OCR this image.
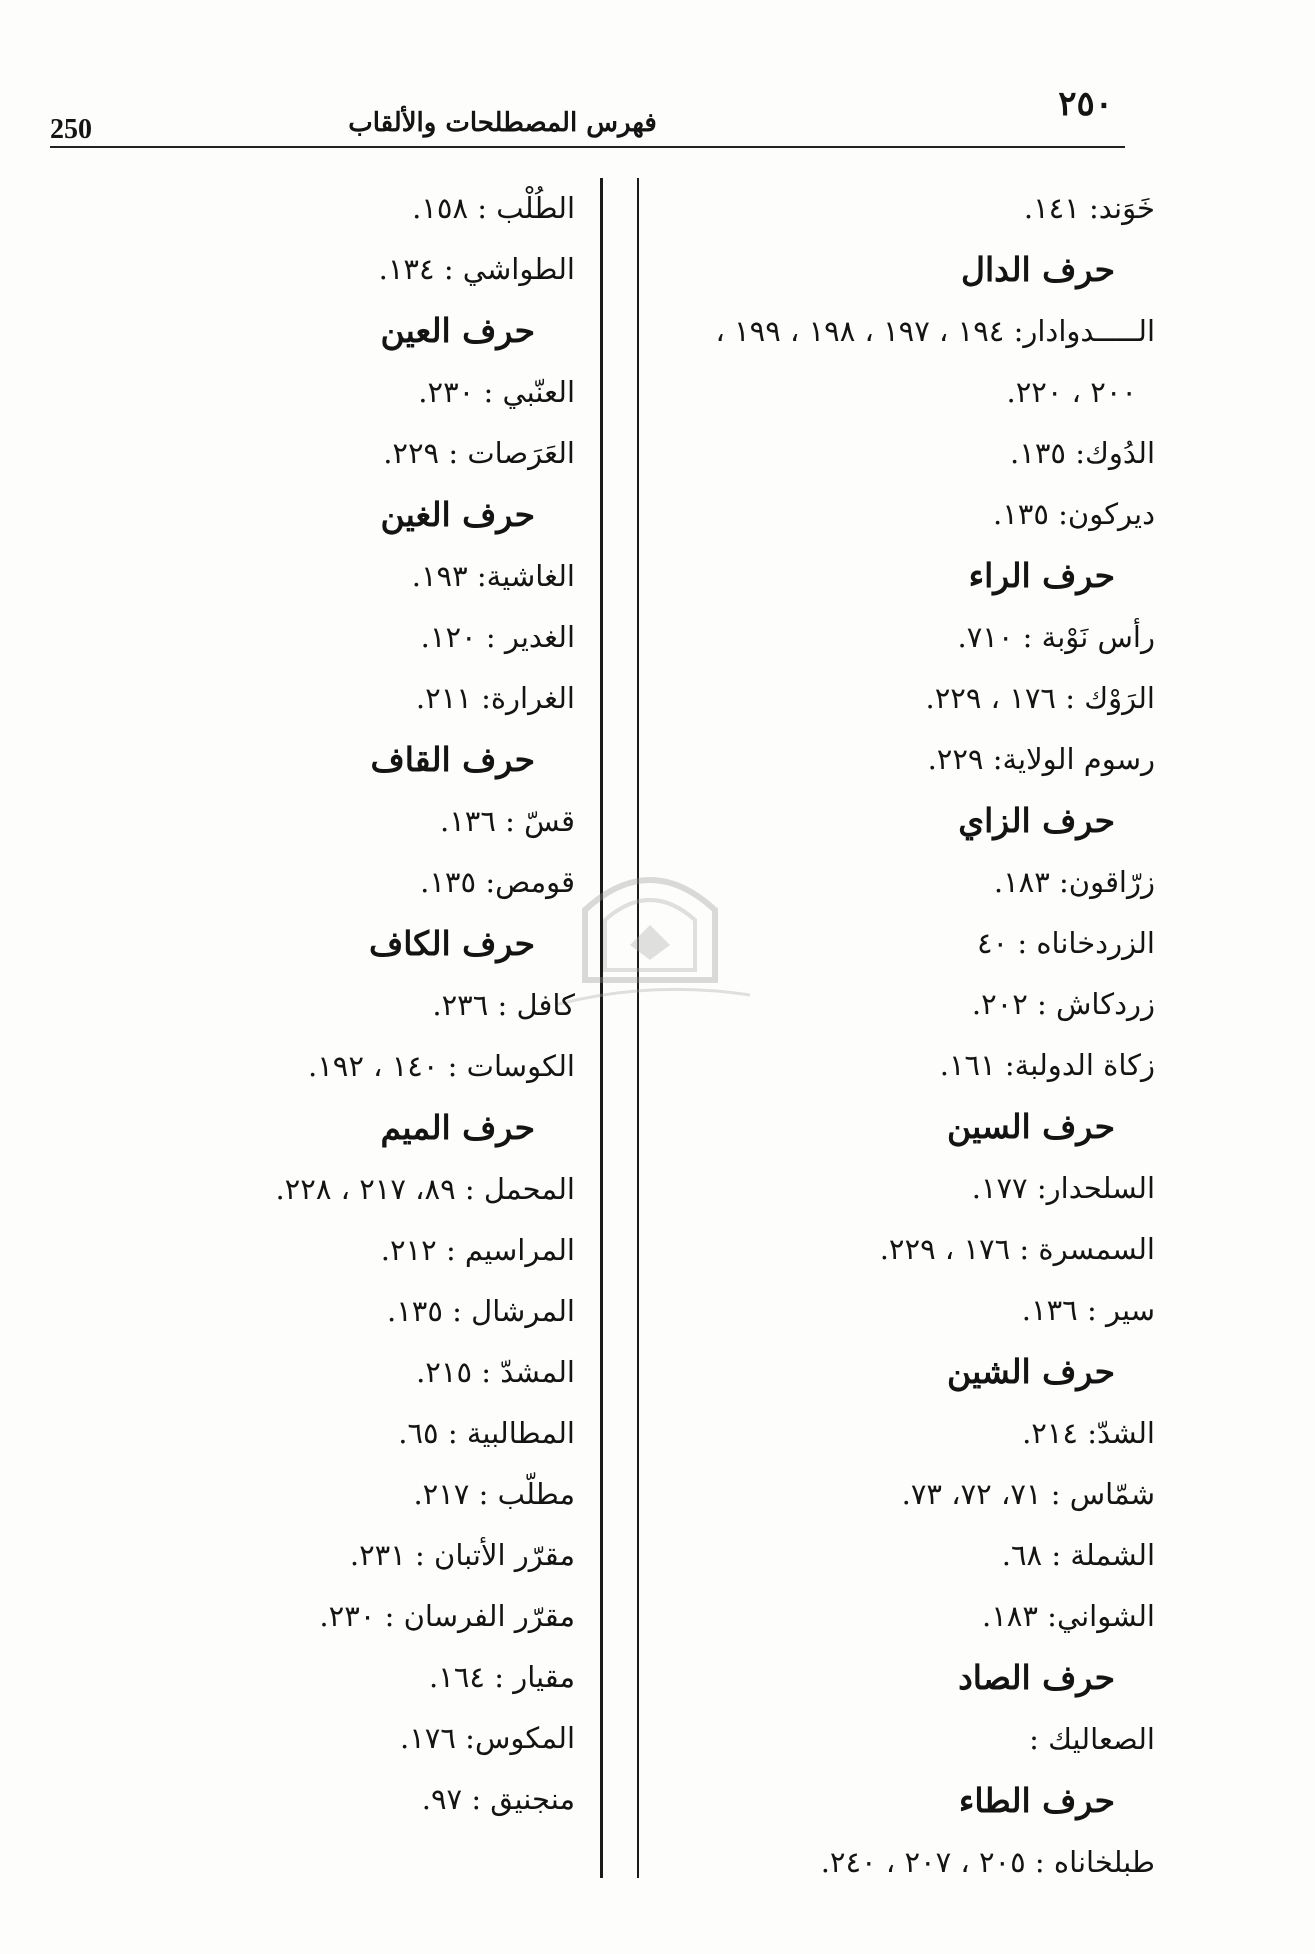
٢٥٠
فهرس المصطلحات والألقاب
250
خَوَند: ١٤١.
حرف الدال
الـــــدوادار: ١٩٤ ، ١٩٧ ، ١٩٨ ، ١٩٩ ،
٢٠٠ ، ٢٢٠.
الدُوك: ١٣٥.
ديركون: ١٣٥.
حرف الراء
رأس نَوْبة : ٧١٠.
الرَوْك : ١٧٦ ، ٢٢٩.
رسوم الولاية: ٢٢٩.
حرف الزاي
زرّاقون: ١٨٣.
الزردخاناه : ٤٠
زردكاش : ٢٠٢.
زكاة الدولبة: ١٦١.
حرف السين
السلحدار: ١٧٧.
السمسرة : ١٧٦ ، ٢٢٩.
سير : ١٣٦.
حرف الشين
الشدّ: ٢١٤.
شمّاس : ٧١، ٧٢، ٧٣.
الشملة : ٦٨.
الشواني: ١٨٣.
حرف الصاد
الصعاليك :
حرف الطاء
طبلخاناه : ٢٠٥ ، ٢٠٧ ، ٢٤٠.
الطُلْب : ١٥٨.
الطواشي : ١٣٤.
حرف العين
العنّبي : ٢٣٠.
العَرَصات : ٢٢٩.
حرف الغين
الغاشية: ١٩٣.
الغدير : ١٢٠.
الغرارة: ٢١١.
حرف القاف
قسّ : ١٣٦.
قومص: ١٣٥.
حرف الكاف
كافل : ٢٣٦.
الكوسات : ١٤٠ ، ١٩٢.
حرف الميم
المحمل : ٨٩، ٢١٧ ، ٢٢٨.
المراسيم : ٢١٢.
المرشال : ١٣٥.
المشدّ : ٢١٥.
المطالبية : ٦٥.
مطلّب : ٢١٧.
مقرّر الأتبان : ٢٣١.
مقرّر الفرسان : ٢٣٠.
مقيار : ١٦٤.
المكوس: ١٧٦.
منجنيق : ٩٧.
